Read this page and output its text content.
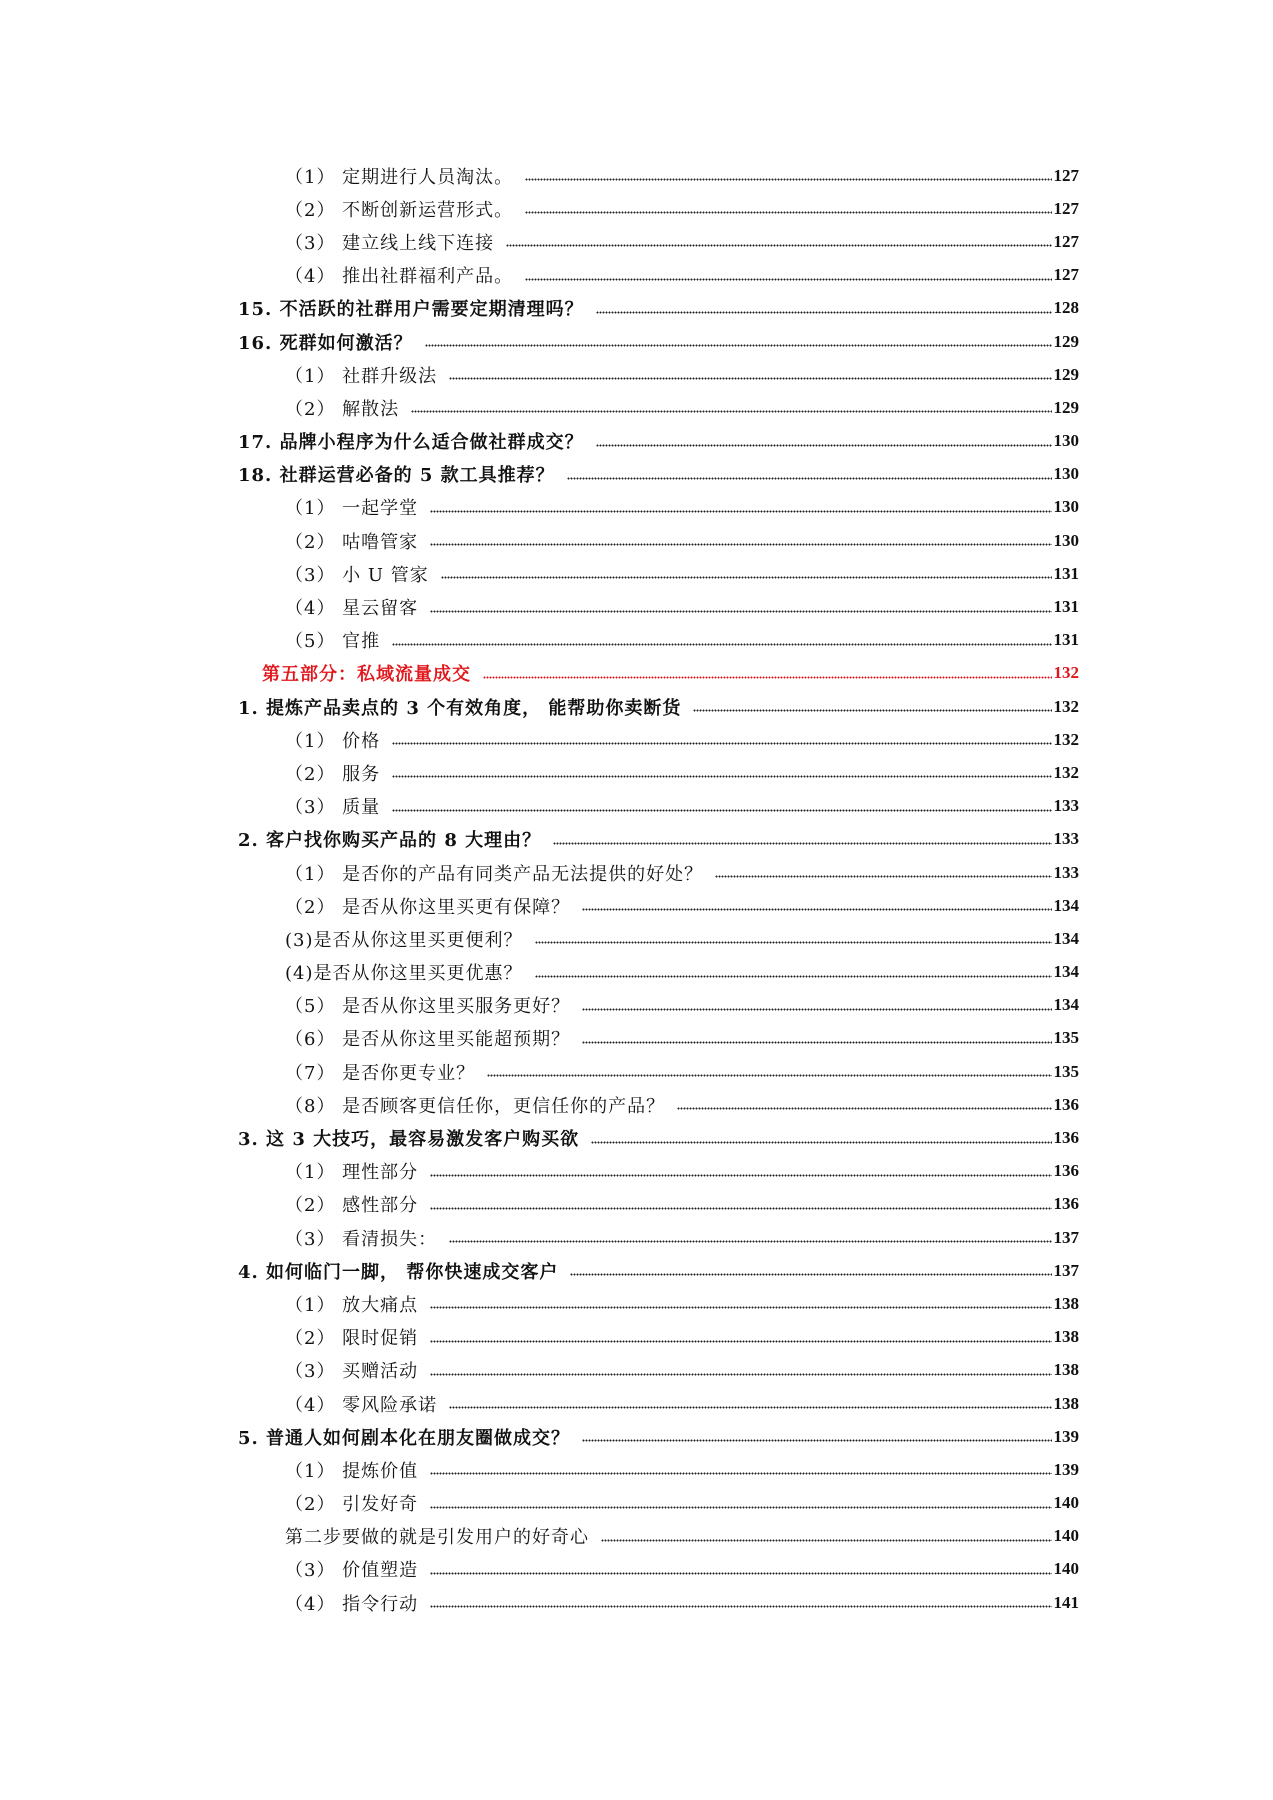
（1） 定期进行人员淘汰。	127
（2） 不断创新运营形式。	127
（3） 建立线上线下连接	127
（4） 推出社群福利产品。	127
15. 不活跃的社群用户需要定期清理吗？	128
16. 死群如何激活？	129
（1） 社群升级法	129
（2） 解散法	129
17. 品牌小程序为什么适合做社群成交？	130
18. 社群运营必备的 5 款工具推荐？	130
（1） 一起学堂	130
（2） 咕噜管家	130
（3） 小 U 管家	131
（4） 星云留客	131
（5） 官推	131
第五部分：私域流量成交	132
1. 提炼产品卖点的 3 个有效角度， 能帮助你卖断货	132
（1） 价格	132
（2） 服务	132
（3） 质量	133
2. 客户找你购买产品的 8 大理由？	133
（1） 是否你的产品有同类产品无法提供的好处？	133
（2） 是否从你这里买更有保障？	134
(3)是否从你这里买更便利？	134
(4)是否从你这里买更优惠？	134
（5） 是否从你这里买服务更好？	134
（6） 是否从你这里买能超预期？	135
（7） 是否你更专业？	135
（8） 是否顾客更信任你，更信任你的产品？	136
3. 这 3 大技巧，最容易激发客户购买欲	136
（1） 理性部分	136
（2） 感性部分	136
（3） 看清损失：	137
4. 如何临门一脚， 帮你快速成交客户	137
（1） 放大痛点	138
（2） 限时促销	138
（3） 买赠活动	138
（4） 零风险承诺	138
5. 普通人如何剧本化在朋友圈做成交？	139
（1） 提炼价值	139
（2） 引发好奇	140
第二步要做的就是引发用户的好奇心	140
（3） 价值塑造	140
（4） 指令行动	141
